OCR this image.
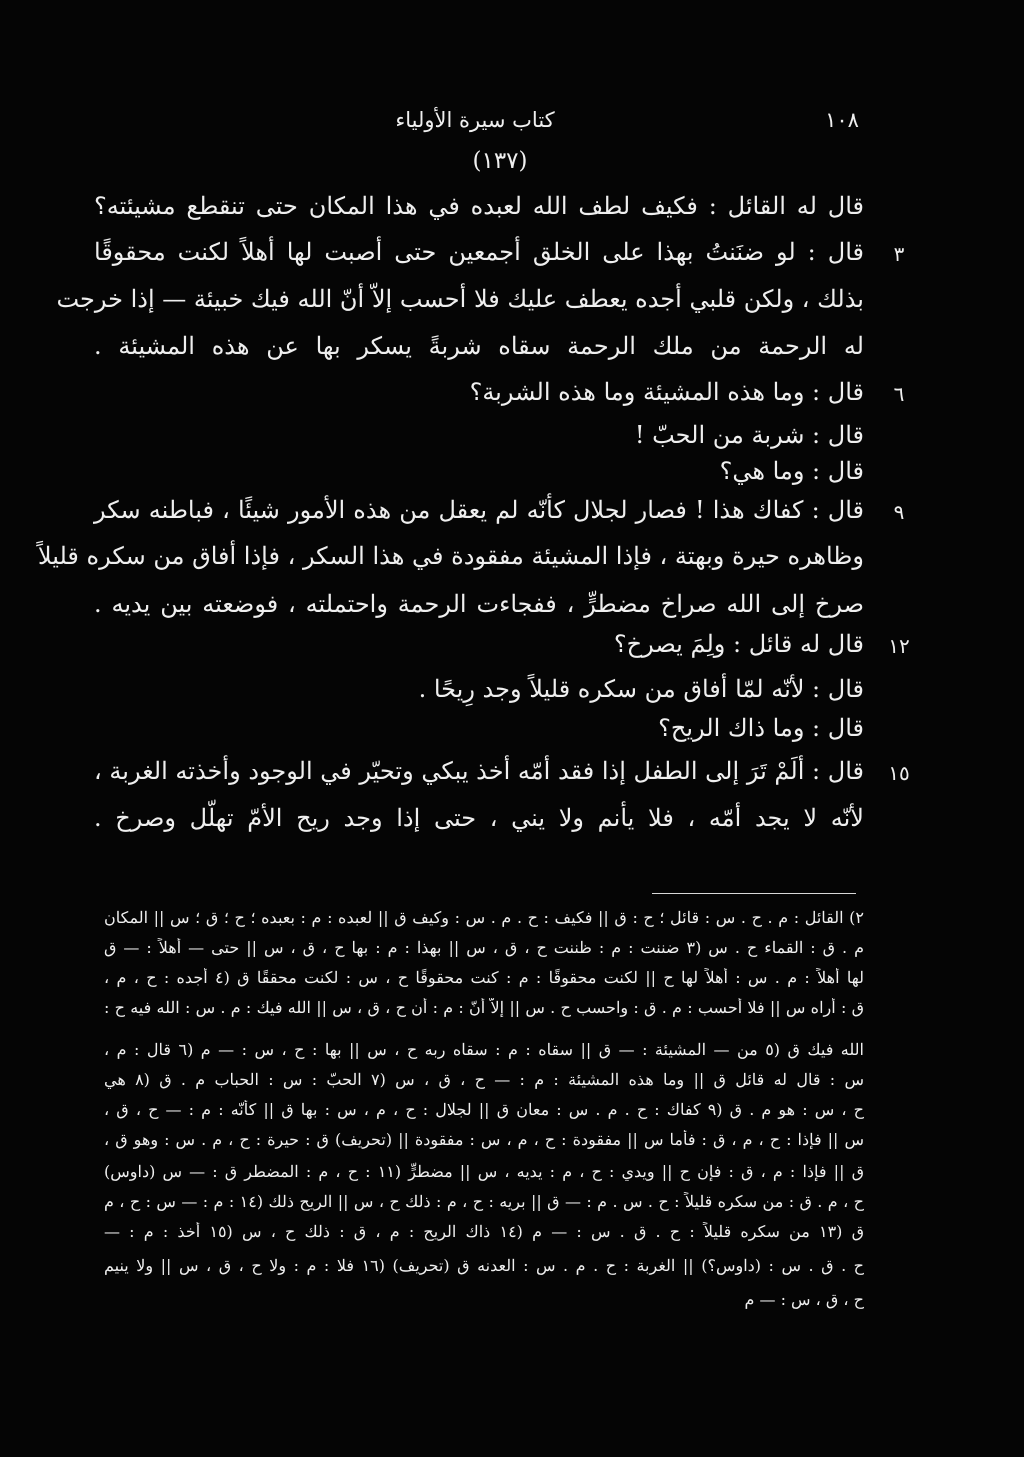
كتاب سيرة الأولياء	١٠٨
(١٣٧)
قال له القائل : فكيف لطف الله لعبده في هذا المكان حتى تنقطع مشيئته؟
قال : لو ضنَنتُ بهذا على الخلق أجمعين حتى أصبت لها أهلاً لكنت محقوقًا
بذلك ، ولكن قلبي أجده يعطف عليك فلا أحسب إلاّ أنّ الله فيك خبيئة — إذا خرجت
له الرحمة من ملك الرحمة سقاه شربةً يسكر بها عن هذه المشيئة .
قال : وما هذه المشيئة وما هذه الشربة؟
قال : شربة من الحبّ !
قال : وما هي؟
قال : كفاك هذا ! فصار لجلال كأنّه لم يعقل من هذه الأمور شيئًا ، فباطنه سكر
وظاهره حيرة وبهتة ، فإذا المشيئة مفقودة في هذا السكر ، فإذا أفاق من سكره قليلاً
صرخ إلى الله صراخ مضطرٍّ ، ففجاءت الرحمة واحتملته ، فوضعته بين يديه .
قال له قائل : ولِمَ يصرخ؟
قال : لأنّه لمّا أفاق من سكره قليلاً وجد رِيحًا .
قال : وما ذاك الريح؟
قال : ألَمْ تَرَ إلى الطفل إذا فقد أمّه أخذ يبكي وتحيّر في الوجود وأخذته الغربة ،
لأنّه لا يجد أمّه ، فلا يأنم ولا يني ، حتى إذا وجد ريح الأمّ تهلّل وصرخ .
٣
٦
٩
١٢
١٥
٢) القائل : م . ح . س : قائل ؛ ح : ق || فكيف : ح . م . س : وكيف ق || لعبده : م : بعبده ؛ ح ؛ ق ؛ س || المكان
م . ق : القماء ح . س (٣ ضننت : م : ظننت ح ، ق ، س || بهذا : م : بها ح ، ق ، س || حتى — أهلاً : — ق
لها أهلاً : م . س : أهلاً لها ح || لكنت محقوقًا : م : كنت محقوقًا ح ، س : لكنت محققًا ق (٤ أجده : ح ، م ،
ق : أراه س || فلا أحسب : م . ق : واحسب ح . س || إلاّ أنّ : م : أن ح ، ق ، س || الله فيك : م . س : الله فيه ح :
الله فيك ق (٥ من — المشيئة : — ق || سقاه : م : سقاه ربه ح ، س || بها : ح ، س : — م (٦ قال : م ،
س : قال له قائل ق || وما هذه المشيئة : م : — ح ، ق ، س (٧ الحبّ : س : الحباب م . ق (٨ هي
ح ، س : هو م . ق (٩ كفاك : ح . م . س : معان ق || لجلال : ح ، م ، س : بها ق || كأنّه : م : — ح ، ق ،
س || فإذا : ح ، م ، ق : فأما س || مفقودة : ح ، م ، س : مفقودة || (تحريف) ق : حيرة : ح ، م . س : وهو ق ،
ق || فإذا : م ، ق : فإن ح || ويدي : ح ، م : يديه ، س || مضطرٍّ (١١ : ح ، م : المضطر ق : — س (داوس)
ح ، م . ق : من سكره قليلاً : ح . س . م : — ق || بريه : ح ، م : ذلك ح ، س || الريح ذلك (١٤ : م : — س : ح ، م
ق (١٣ من سكره قليلاً : ح . ق . س : — م (١٤ ذاك الريح : م ، ق : ذلك ح ، س (١٥ أخذ : م : —
ح . ق . س : (داوس؟) || الغربة : ح . م . س : العدنه ق (تحريف) (١٦ فلا : م : ولا ح ، ق ، س || ولا ينيم
ح ، ق ، س : — م
